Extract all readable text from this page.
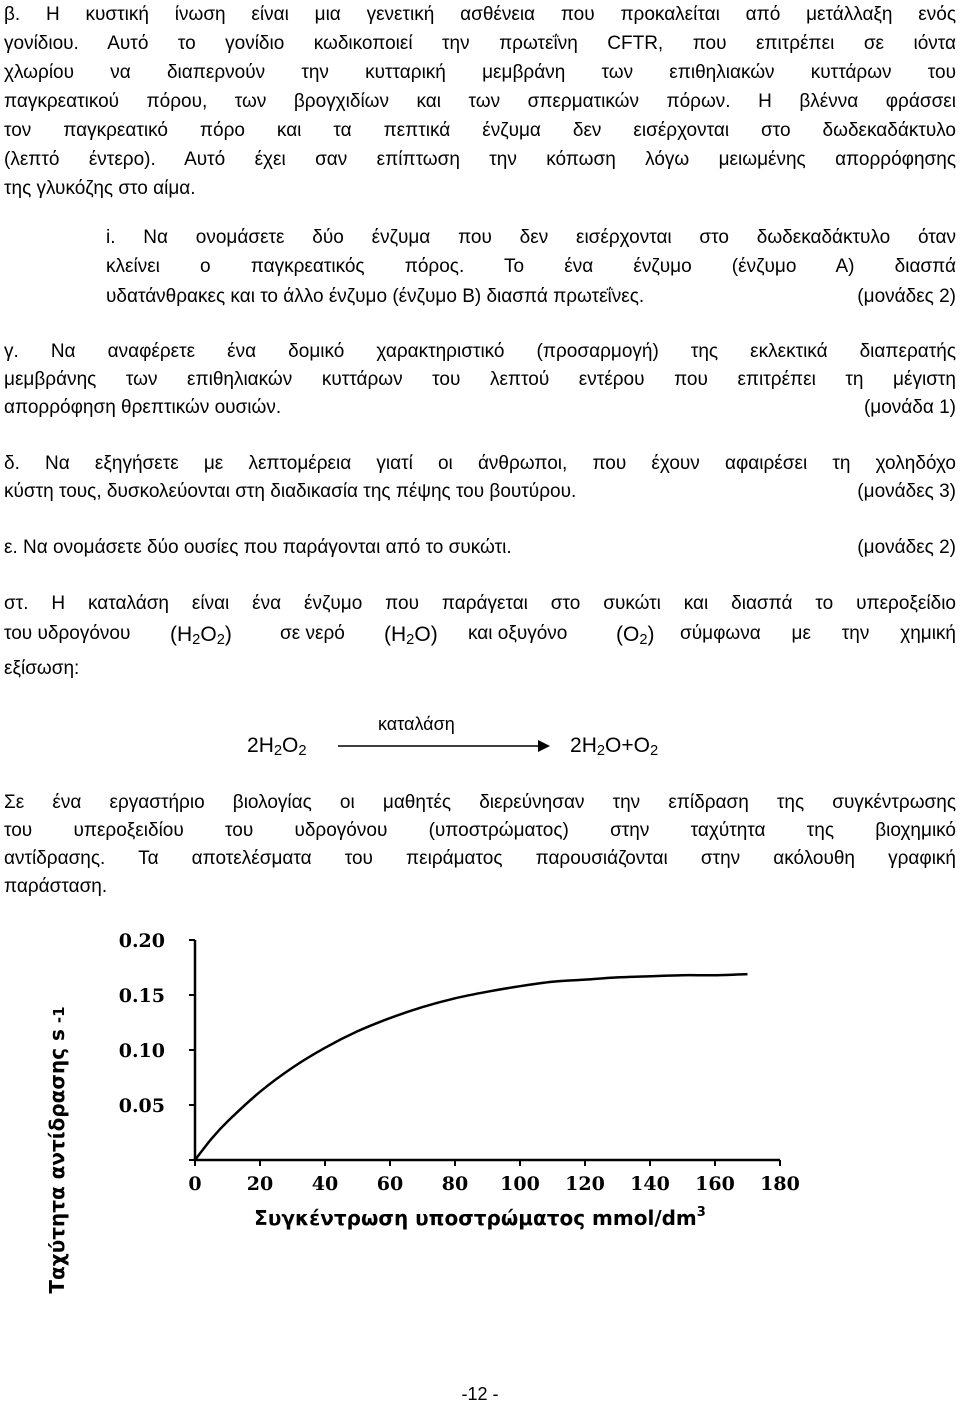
β. Η κυστική ίνωση είναι μια γενετική ασθένεια που προκαλείται από μετάλλαξη ενός
γονίδιου. Αυτό το γονίδιο κωδικοποιεί την πρωτεΐνη CFTR, που επιτρέπει σε ιόντα
χλωρίου να διαπερνούν την κυτταρική μεμβράνη των επιθηλιακών κυττάρων του
παγκρεατικού πόρου, των βρογχιδίων και των σπερματικών πόρων. Η βλέννα φράσσει
τον παγκρεατικό πόρο και τα πεπτικά ένζυμα δεν εισέρχονται στο δωδεκαδάκτυλο
(λεπτό έντερο). Αυτό έχει σαν επίπτωση την κόπωση λόγω μειωμένης απορρόφησης
της γλυκόζης στο αίμα.
i. Να ονομάσετε δύο ένζυμα που δεν εισέρχονται στο δωδεκαδάκτυλο όταν
κλείνει ο παγκρεατικός πόρος. Το ένα ένζυμο (ένζυμο Α) διασπά
υδατάνθρακες και το άλλο ένζυμο (ένζυμο Β) διασπά πρωτεΐνες.	(μονάδες 2)
γ. Να αναφέρετε ένα δομικό χαρακτηριστικό (προσαρμογή) της εκλεκτικά διαπερατής
μεμβράνης των επιθηλιακών κυττάρων του λεπτού εντέρου που επιτρέπει τη μέγιστη
απορρόφηση θρεπτικών ουσιών.	(μονάδα 1)
δ. Να εξηγήσετε με λεπτομέρεια γιατί οι άνθρωποι, που έχουν αφαιρέσει τη χοληδόχο
κύστη τους, δυσκολεύονται στη διαδικασία της πέψης του βουτύρου.	(μονάδες 3)
ε. Να ονομάσετε δύο ουσίες που παράγονται από το συκώτι.	(μονάδες 2)
στ. Η καταλάση είναι ένα ένζυμο που παράγεται στο συκώτι και διασπά το υπεροξείδιο
του υδρογόνου $(H_2O_2)$	σε νερό $(H_2O)$ και οξυγόνο $(O_2)$ σύμφωνα με την χημική
εξίσωση:
$2H_2O_2$
καταλάση
$2H_2O+O_2$
Σε ένα εργαστήριο βιολογίας οι μαθητές διερεύνησαν την επίδραση της συγκέντρωσης
του υπεροξειδίου του υδρογόνου (υποστρώματος) στην ταχύτητα της βιοχημικό
αντίδρασης. Τα αποτελέσματα του πειράματος παρουσιάζονται στην ακόλουθη γραφική
παράσταση.
0.05
0.10
0.15
0.20
0 20 40 60 80 100 120 140 160 180
Συγκέντρωση υποστρώματος mmol/$dm^3$
Ταχύτητα αντίδρασης s-1
-12 -
